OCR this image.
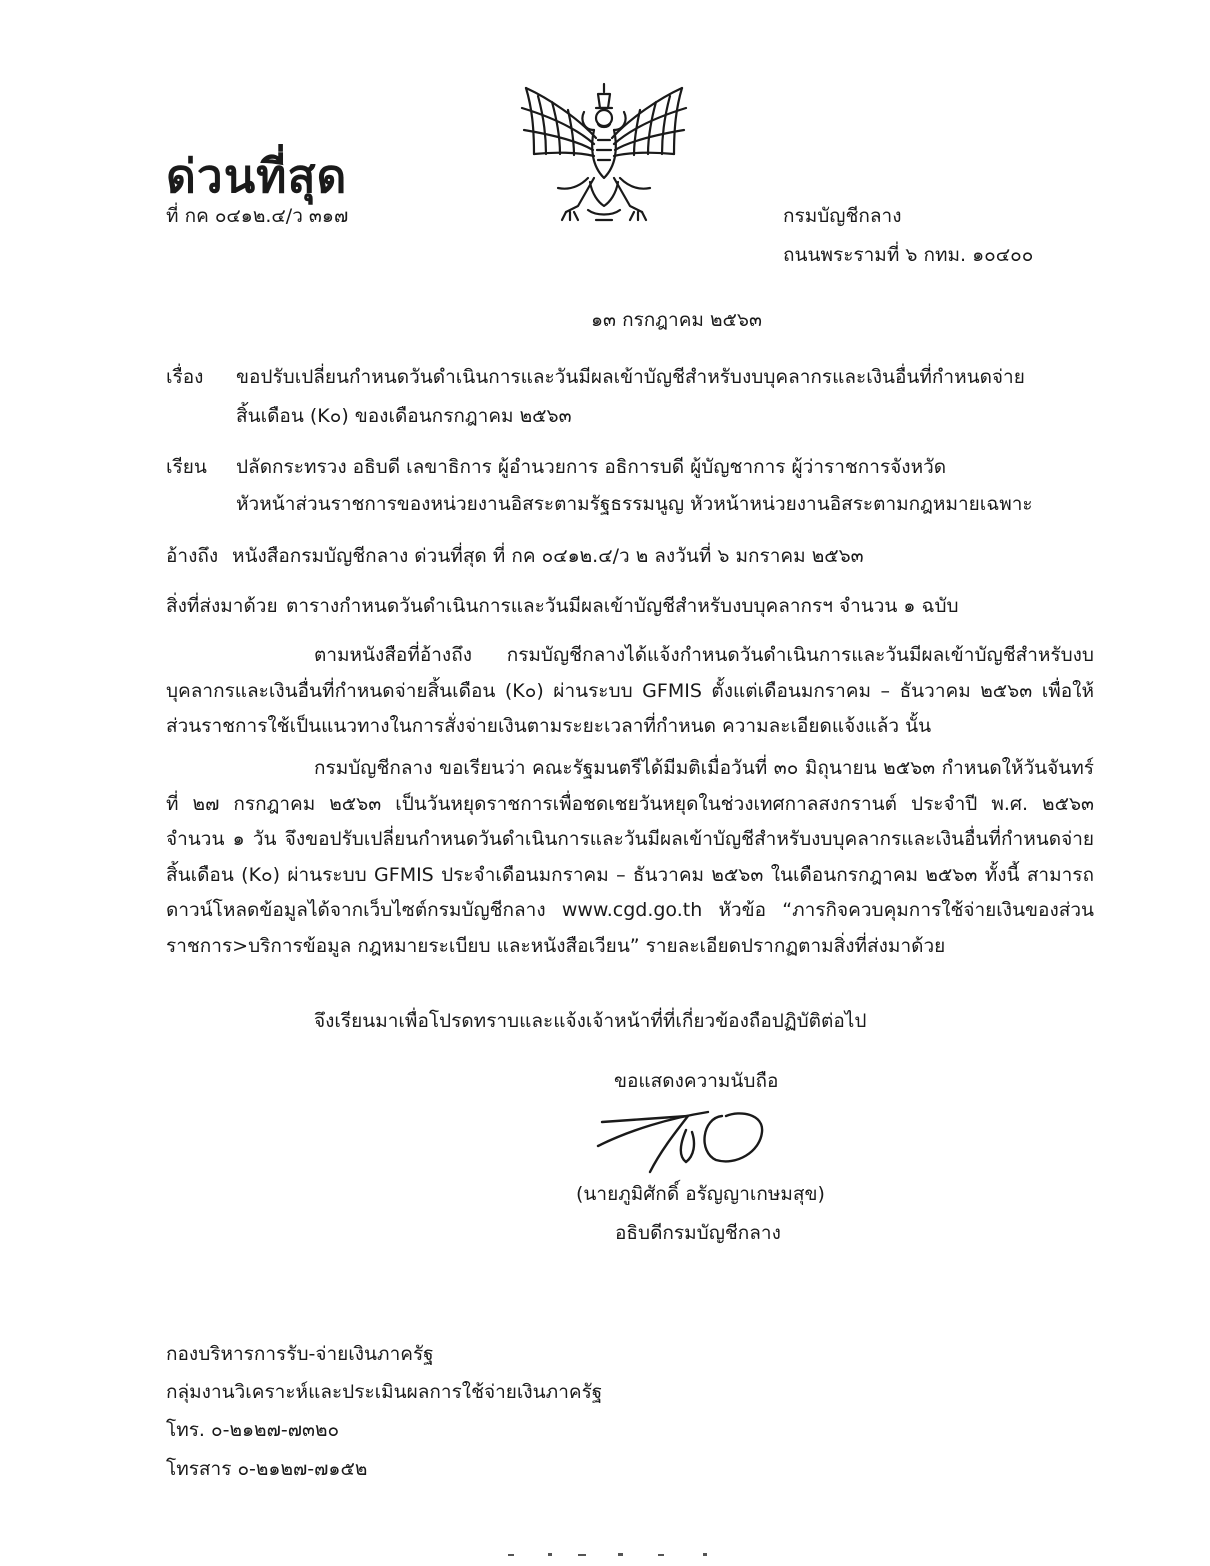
ด่วนที่สุด
ที่ กค ๐๔๑๒.๔/ว ๓๑๗	กรมบัญชีกลาง
ถนนพระรามที่ ๖ กทม. ๑๐๔๐๐
๑๓ กรกฎาคม ๒๕๖๓
เรื่อง ขอปรับเปลี่ยนกำหนดวันดำเนินการและวันมีผลเข้าบัญชีสำหรับงบบุคลากรและเงินอื่นที่กำหนดจ่าย
สิ้นเดือน (K๐) ของเดือนกรกฎาคม ๒๕๖๓
เรียน ปลัดกระทรวง อธิบดี เลขาธิการ ผู้อำนวยการ อธิการบดี ผู้บัญชาการ ผู้ว่าราชการจังหวัด
หัวหน้าส่วนราชการของหน่วยงานอิสระตามรัฐธรรมนูญ หัวหน้าหน่วยงานอิสระตามกฎหมายเฉพาะ
อ้างถึง หนังสือกรมบัญชีกลาง ด่วนที่สุด ที่ กค ๐๔๑๒.๔/ว ๒ ลงวันที่ ๖ มกราคม ๒๕๖๓
สิ่งที่ส่งมาด้วย ตารางกำหนดวันดำเนินการและวันมีผลเข้าบัญชีสำหรับงบบุคลากรฯ จำนวน ๑ ฉบับ
ตามหนังสือที่อ้างถึง กรมบัญชีกลางได้แจ้งกำหนดวันดำเนินการและวันมีผลเข้าบัญชีสำหรับงบบุคลากรและเงินอื่นที่กำหนดจ่ายสิ้นเดือน (K๐) ผ่านระบบ GFMIS ตั้งแต่เดือนมกราคม – ธันวาคม ๒๕๖๓ เพื่อให้ส่วนราชการใช้เป็นแนวทางในการสั่งจ่ายเงินตามระยะเวลาที่กำหนด ความละเอียดแจ้งแล้ว นั้น
กรมบัญชีกลาง ขอเรียนว่า คณะรัฐมนตรีได้มีมติเมื่อวันที่ ๓๐ มิถุนายน ๒๕๖๓ กำหนดให้วันจันทร์ที่ ๒๗ กรกฎาคม ๒๕๖๓ เป็นวันหยุดราชการเพื่อชดเชยวันหยุดในช่วงเทศกาลสงกรานต์ ประจำปี พ.ศ. ๒๕๖๓ จำนวน ๑ วัน จึงขอปรับเปลี่ยนกำหนดวันดำเนินการและวันมีผลเข้าบัญชีสำหรับงบบุคลากรและเงินอื่นที่กำหนดจ่ายสิ้นเดือน (K๐) ผ่านระบบ GFMIS ประจำเดือนมกราคม – ธันวาคม ๒๕๖๓ ในเดือนกรกฎาคม ๒๕๖๓ ทั้งนี้ สามารถดาวน์โหลดข้อมูลได้จากเว็บไซต์กรมบัญชีกลาง www.cgd.go.th หัวข้อ “ภารกิจควบคุมการใช้จ่ายเงินของส่วนราชการ>บริการข้อมูล กฎหมายระเบียบ และหนังสือเวียน” รายละเอียดปรากฏตามสิ่งที่ส่งมาด้วย
จึงเรียนมาเพื่อโปรดทราบและแจ้งเจ้าหน้าที่ที่เกี่ยวข้องถือปฏิบัติต่อไป
ขอแสดงความนับถือ
(นายภูมิศักดิ์ อรัญญาเกษมสุข)
อธิบดีกรมบัญชีกลาง
กองบริหารการรับ-จ่ายเงินภาครัฐ
กลุ่มงานวิเคราะห์และประเมินผลการใช้จ่ายเงินภาครัฐ
โทร. ๐-๒๑๒๗-๗๓๒๐
โทรสาร ๐-๒๑๒๗-๗๑๕๒
